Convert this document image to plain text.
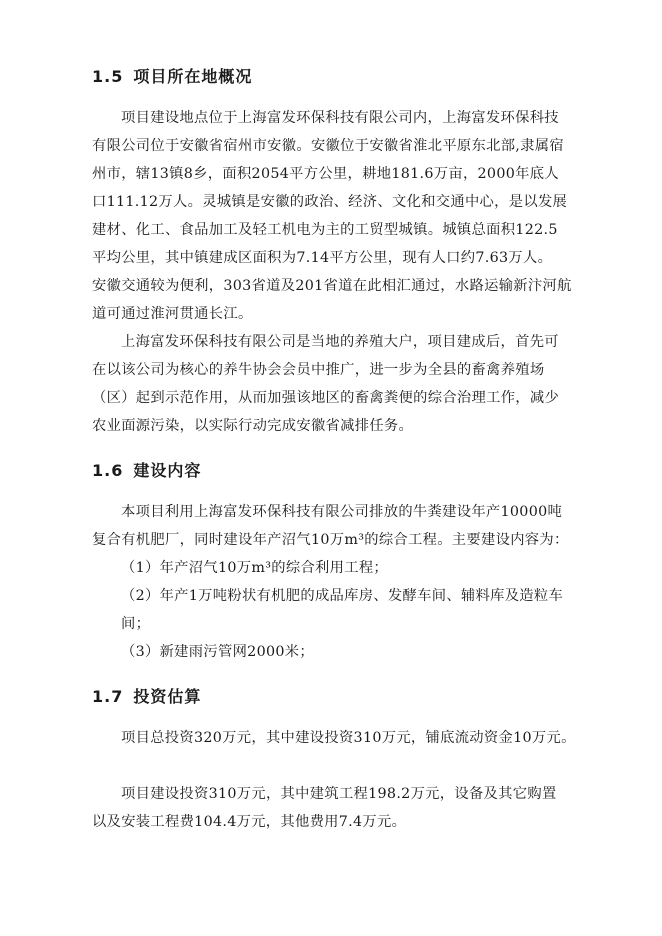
1.5 项目所在地概况

项目建设地点位于上海富发环保科技有限公司内，上海富发环保科技

有限公司位于安徽省宿州市安徽。安徽位于安徽省淮北平原东北部,隶属宿

州市，辖13镇8乡，面积2054平方公里，耕地181.6万亩，2000年底人

口111.12万人。灵城镇是安徽的政治、经济、文化和交通中心，是以发展

建材、化工、食品加工及轻工机电为主的工贸型城镇。城镇总面积122.5

平均公里，其中镇建成区面积为7.14平方公里，现有人口约7.63万人。

安徽交通较为便利，303省道及201省道在此相汇通过，水路运输新汴河航

道可通过淮河贯通长江。

上海富发环保科技有限公司是当地的养殖大户，项目建成后，首先可

在以该公司为核心的养牛协会会员中推广，进一步为全县的畜禽养殖场

（区）起到示范作用，从而加强该地区的畜禽粪便的综合治理工作，减少

农业面源污染，以实际行动完成安徽省减排任务。

1.6 建设内容

本项目利用上海富发环保科技有限公司排放的牛粪建设年产10000吨

复合有机肥厂，同时建设年产沼气10万m³的综合工程。主要建设内容为：

（1）年产沼气10万m³的综合利用工程；

（2）年产1万吨粉状有机肥的成品库房、发酵车间、辅料库及造粒车

间；

（3）新建雨污管网2000米；

1.7 投资估算

项目总投资320万元，其中建设投资310万元，铺底流动资金10万元。

项目建设投资310万元，其中建筑工程198.2万元，设备及其它购置

以及安装工程费104.4万元，其他费用7.4万元。
